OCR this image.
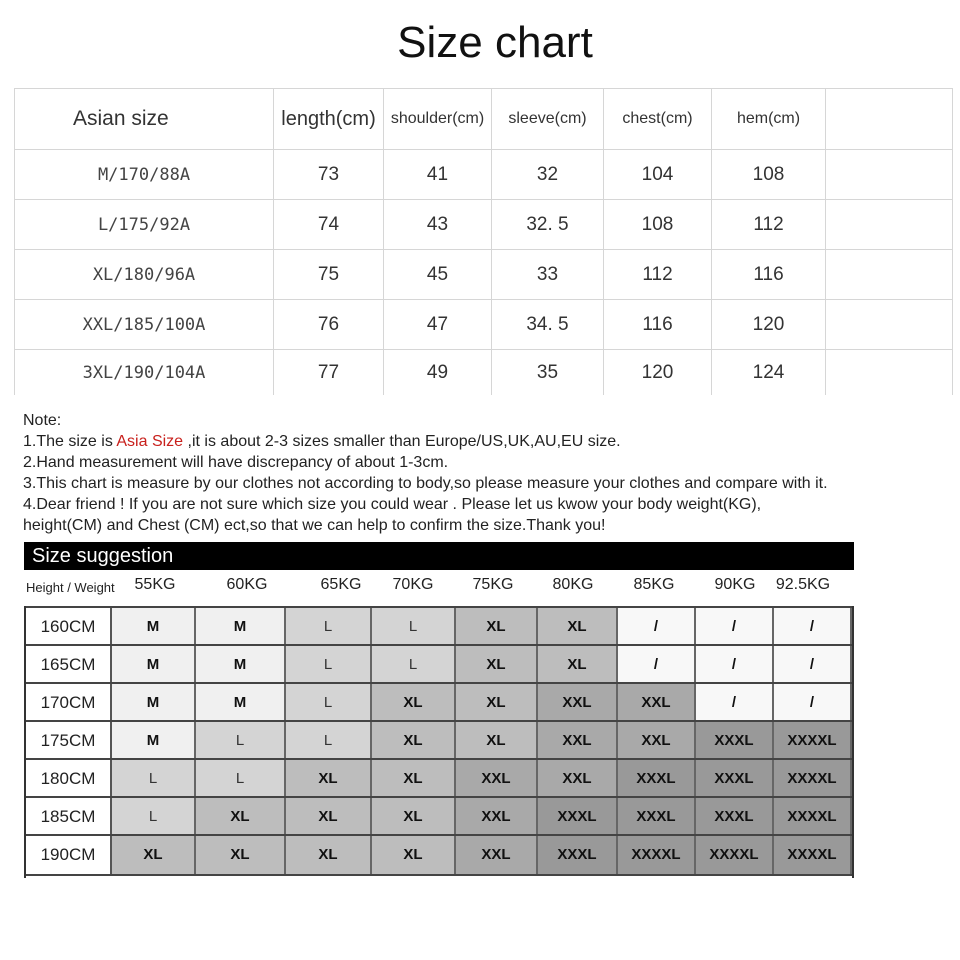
Size chart
Asian size	length(cm)	shoulder(cm)	sleeve(cm)	chest(cm)	hem(cm)	
M/170/88A	73	41	32	104	108	
L/175/92A	74	43	32. 5	108	112	
XL/180/96A	75	45	33	112	116	
XXL/185/100A	76	47	34. 5	116	120	
3XL/190/104A	77	49	35	120	124	
Note:
1.The size is Asia Size ,it is about 2-3 sizes smaller than Europe/US,UK,AU,EU size.
2.Hand measurement will have discrepancy of about 1-3cm.
3.This chart is measure by our clothes not according to body,so please measure your clothes and compare with it.
4.Dear friend ! If you are not sure which size you could wear . Please let us kwow your body weight(KG),
height(CM) and Chest (CM) ect,so that we can help to confirm the size.Thank you!
Size suggestion
Height / Weight	55KG	60KG	65KG	70KG	75KG	80KG	85KG	90KG	92.5KG
160CM	M	M	L	L	XL	XL	/	/	/
165CM	M	M	L	L	XL	XL	/	/	/
170CM	M	M	L	XL	XL	XXL	XXL	/	/
175CM	M	L	L	XL	XL	XXL	XXL	XXXL	XXXXL
180CM	L	L	XL	XL	XXL	XXL	XXXL	XXXL	XXXXL
185CM	L	XL	XL	XL	XXL	XXXL	XXXL	XXXL	XXXXL
190CM	XL	XL	XL	XL	XXL	XXXL	XXXXL	XXXXL	XXXXL
